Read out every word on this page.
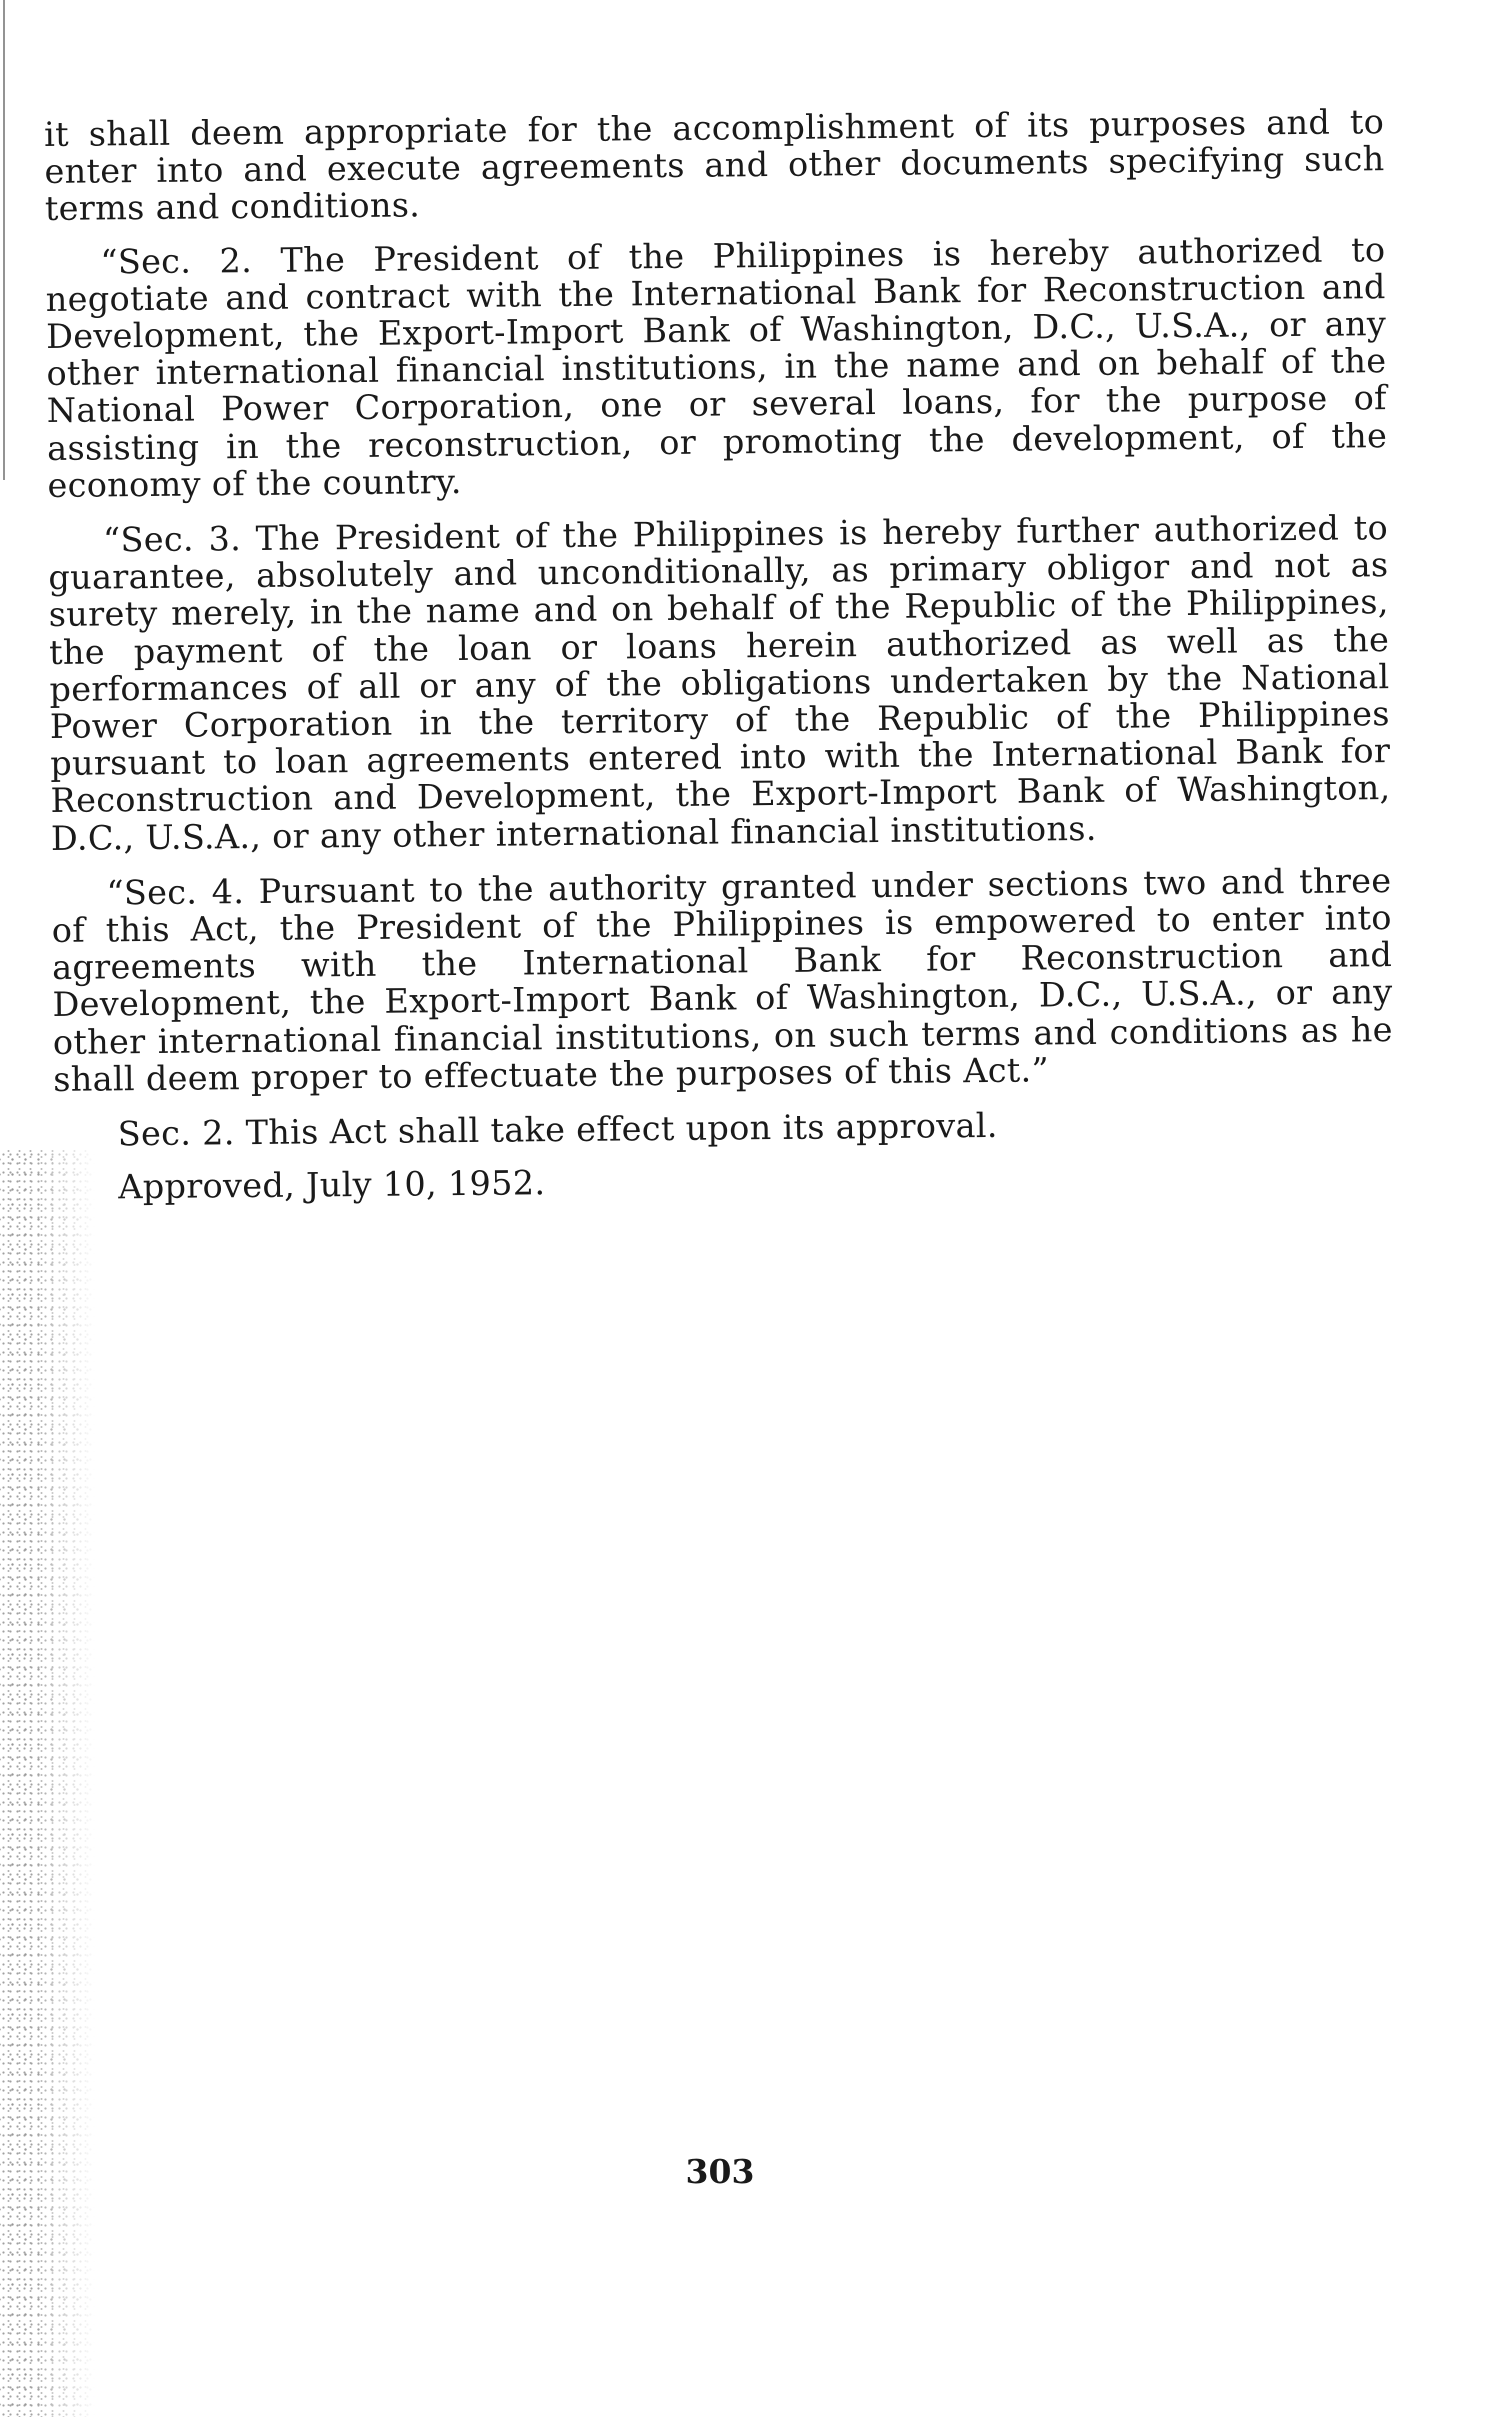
it shall deem appropriate for the accomplishment of its purposes and to enter into and execute agreements and other documents specifying such terms and conditions.

“Sec. 2. The President of the Philippines is hereby authorized to negotiate and contract with the International Bank for Reconstruction and Development, the Export-Import Bank of Washington, D.C., U.S.A., or any other international financial institutions, in the name and on behalf of the National Power Corporation, one or several loans, for the purpose of assisting in the reconstruction, or promoting the development, of the economy of the country.

“Sec. 3. The President of the Philippines is hereby further authorized to guarantee, absolutely and unconditionally, as primary obligor and not as surety merely, in the name and on behalf of the Republic of the Philippines, the payment of the loan or loans herein authorized as well as the performances of all or any of the obligations undertaken by the National Power Corporation in the territory of the Republic of the Philippines pursuant to loan agreements entered into with the International Bank for Reconstruction and Development, the Export-Import Bank of Washington, D.C., U.S.A., or any other international financial institutions.

“Sec. 4. Pursuant to the authority granted under sections two and three of this Act, the President of the Philippines is empowered to enter into agreements with the International Bank for Reconstruction and Development, the Export-Import Bank of Washington, D.C., U.S.A., or any other international financial institutions, on such terms and conditions as he shall deem proper to effectuate the purposes of this Act.”

Sec. 2. This Act shall take effect upon its approval.

Approved, July 10, 1952.

303
